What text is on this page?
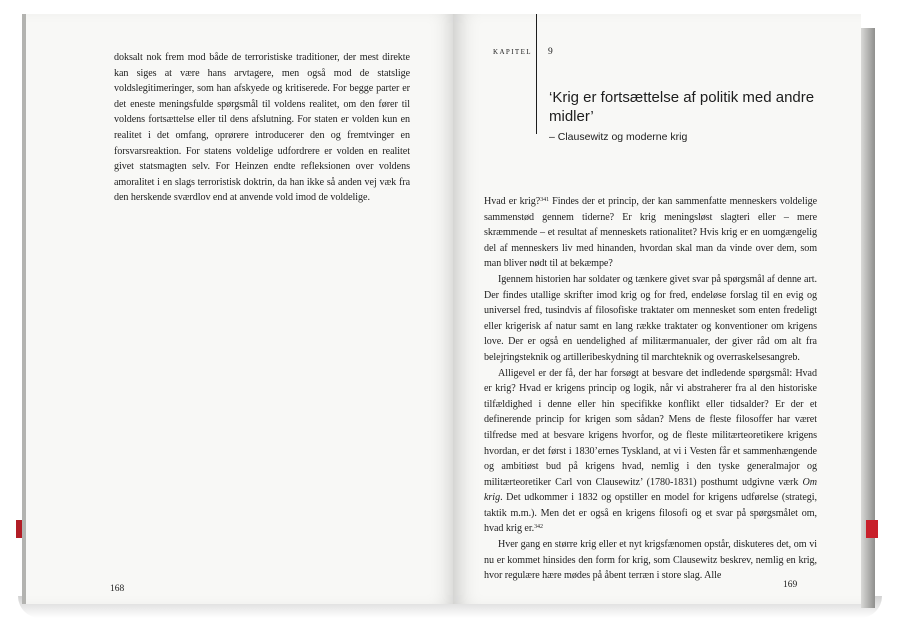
doksalt nok frem mod både de terroristiske traditioner, der mest direkte kan siges at være hans arvtagere, men også mod de statslige voldslegitimeringer, som han afskyede og kritiserede. For begge parter er det eneste meningsfulde spørgsmål til voldens realitet, om den fører til voldens fortsættelse eller til dens afslutning. For staten er volden kun en realitet i det omfang, oprørere introducerer den og fremtvinger en forsvarsreaktion. For statens voldelige udfordrere er volden en realitet givet statsmagten selv. For Heinzen endte refleksionen over voldens amoralitet i en slags terroristisk doktrin, da han ikke så anden vej væk fra den herskende sværdlov end at anvende vold imod de voldelige.

168
KAPITEL 9
‘Krig er fortsættelse af politik med andre midler’
– Clausewitz og moderne krig

Hvad er krig?$^{341}$ Findes der et princip, der kan sammenfatte menneskers voldelige sammenstød gennem tiderne? Er krig meningsløst slagteri eller – mere skræmmende – et resultat af menneskets rationalitet? Hvis krig er en uomgængelig del af menneskers liv med hinanden, hvordan skal man da vinde over dem, som man bliver nødt til at bekæmpe?

Igennem historien har soldater og tænkere givet svar på spørgsmål af denne art. Der findes utallige skrifter imod krig og for fred, endeløse forslag til en evig og universel fred, tusindvis af filosofiske traktater om mennesket som enten fredeligt eller krigerisk af natur samt en lang række traktater og konventioner om krigens love. Der er også en uendelighed af militærmanualer, der giver råd om alt fra belejringsteknik og artilleribeskydning til marchteknik og overraskelsesangreb.

Alligevel er der få, der har forsøgt at besvare det indledende spørgsmål: Hvad er krig? Hvad er krigens princip og logik, når vi abstraherer fra al den historiske tilfældighed i denne eller hin specifikke konflikt eller tidsalder? Er der et definerende princip for krigen som sådan? Mens de fleste filosoffer har været tilfredse med at besvare krigens hvorfor, og de fleste militærteoretikere krigens hvordan, er det først i 1830’ernes Tyskland, at vi i Vesten får et sammenhængende og ambitiøst bud på krigens hvad, nemlig i den tyske generalmajor og militærteoretiker Carl von Clausewitz’ (1780-1831) posthumt udgivne værk Om krig. Det udkommer i 1832 og opstiller en model for krigens udførelse (strategi, taktik m.m.). Men det er også en krigens filosofi og et svar på spørgsmålet om, hvad krig er.$^{342}$

Hver gang en større krig eller et nyt krigsfænomen opstår, diskuteres det, om vi nu er kommet hinsides den form for krig, som Clausewitz beskrev, nemlig en krig, hvor regulære hære mødes på åbent terræn i store slag. Alle

169
